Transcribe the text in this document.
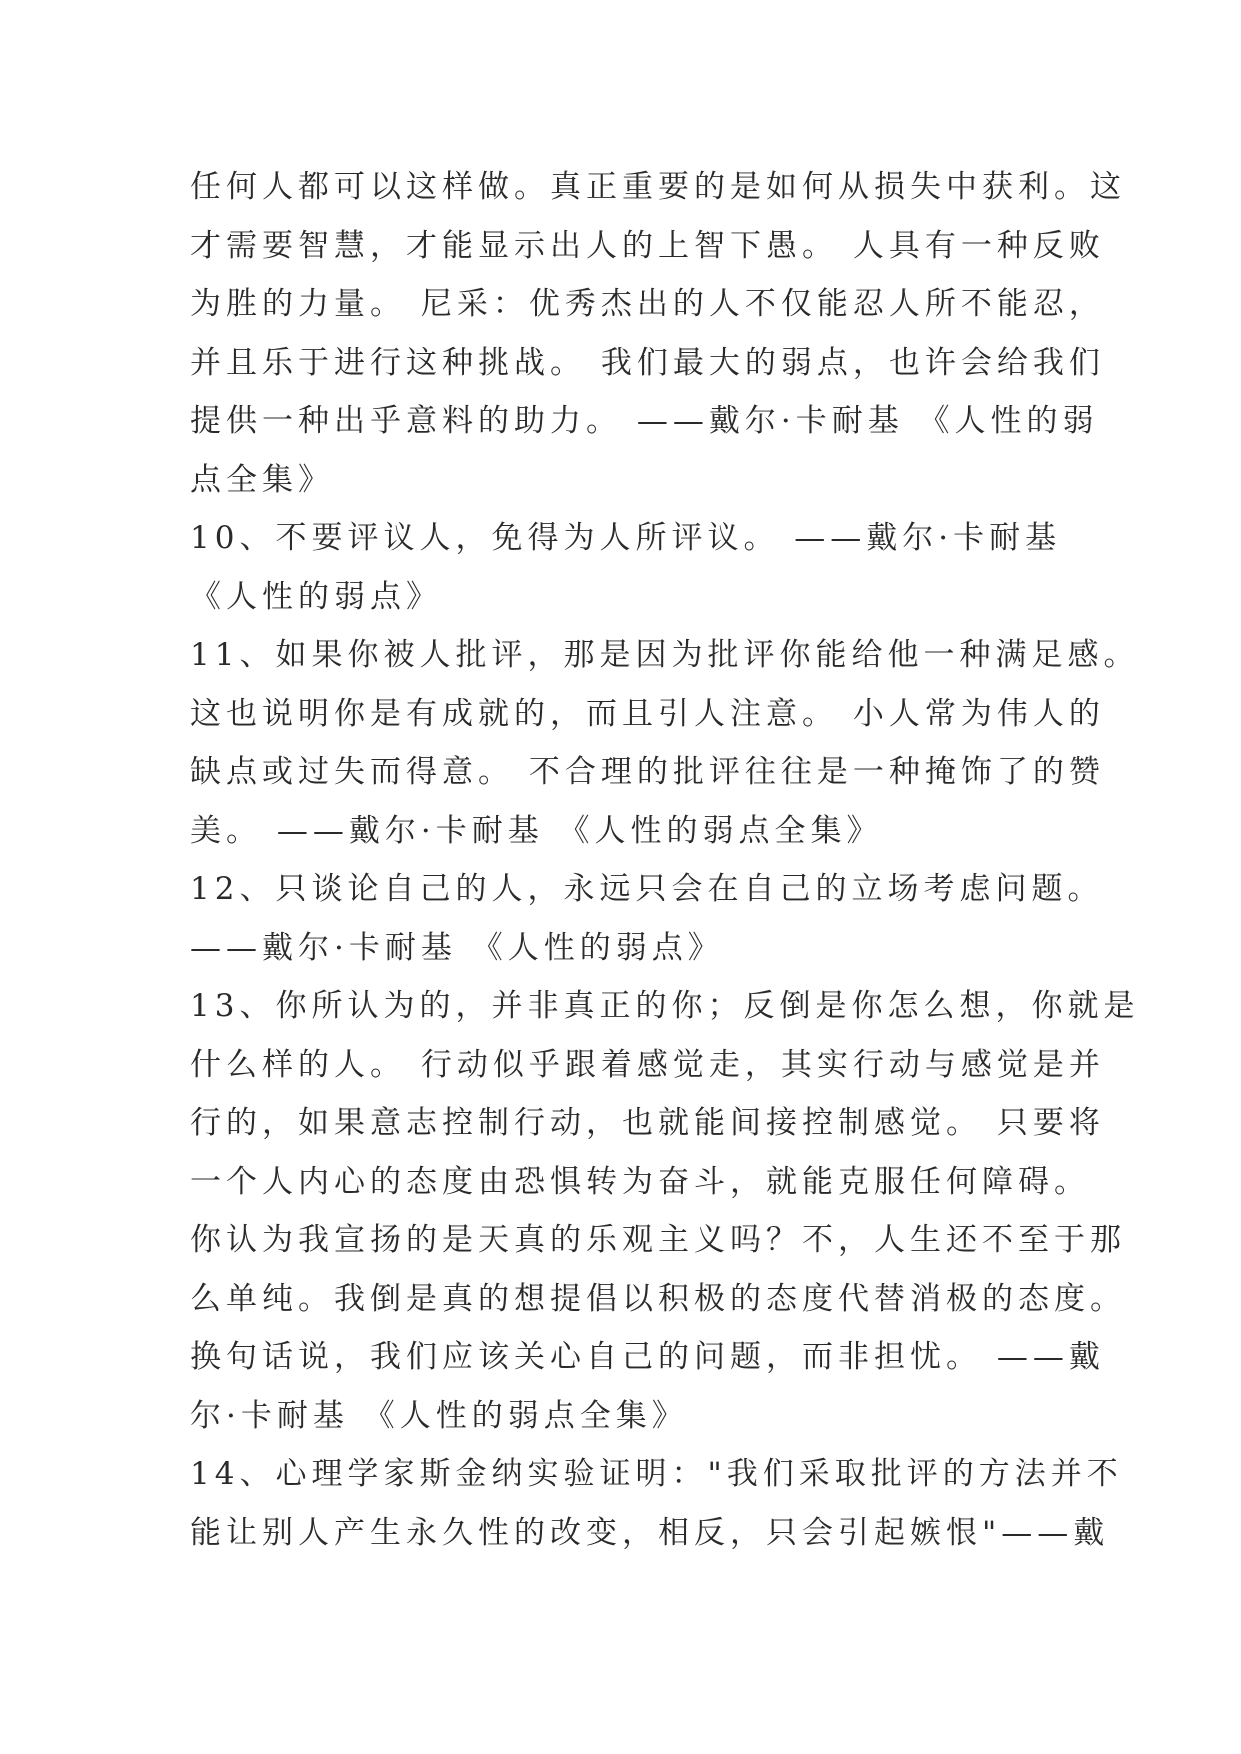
任何人都可以这样做。真正重要的是如何从损失中获利。这
才需要智慧，才能显示出人的上智下愚。 人具有一种反败
为胜的力量。 尼采：优秀杰出的人不仅能忍人所不能忍，
并且乐于进行这种挑战。 我们最大的弱点，也许会给我们
提供一种出乎意料的助力。 ——戴尔·卡耐基 《人性的弱
点全集》
10、不要评议人，免得为人所评议。 ——戴尔·卡耐基
《人性的弱点》
11、如果你被人批评，那是因为批评你能给他一种满足感。
这也说明你是有成就的，而且引人注意。 小人常为伟人的
缺点或过失而得意。 不合理的批评往往是一种掩饰了的赞
美。 ——戴尔·卡耐基 《人性的弱点全集》
12、只谈论自己的人，永远只会在自己的立场考虑问题。
——戴尔·卡耐基 《人性的弱点》
13、你所认为的，并非真正的你；反倒是你怎么想，你就是
什么样的人。 行动似乎跟着感觉走，其实行动与感觉是并
行的，如果意志控制行动，也就能间接控制感觉。 只要将
一个人内心的态度由恐惧转为奋斗，就能克服任何障碍。
你认为我宣扬的是天真的乐观主义吗？不，人生还不至于那
么单纯。我倒是真的想提倡以积极的态度代替消极的态度。
换句话说，我们应该关心自己的问题，而非担忧。 ——戴
尔·卡耐基 《人性的弱点全集》
14、心理学家斯金纳实验证明："我们采取批评的方法并不
能让别人产生永久性的改变，相反，只会引起嫉恨"——戴
